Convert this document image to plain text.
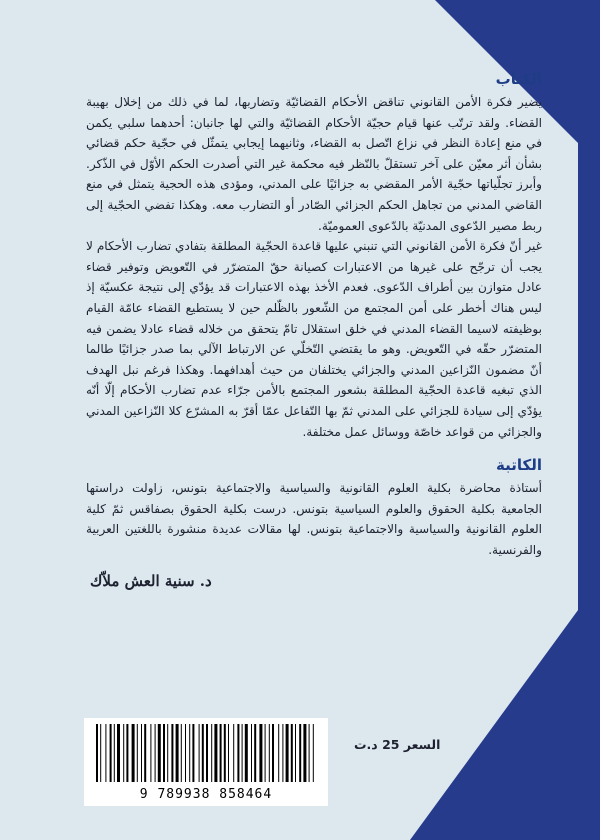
الكتاب

يضير فكرة الأمن القانوني تناقض الأحكام القضائيّة وتضاربها، لما في ذلك من إخلال بهيبة القضاء. ولقد ترتّب عنها قيام حجيّة الأحكام القضائيّة والتي لها جانبان: أحدهما سلبي يكمن في منع إعادة النظر في نزاع اتّصل به القضاء، وثانيهما إيجابي يتمثّل في حجّية حكم قضائي بشأن أثر معيّن على آخر تستقلّ بالنّظر فيه محكمة غير التي أصدرت الحكم الأوّل في الذّكر. وأبرز تجلّياتها حجّية الأمر المقضي به جزائيًا على المدني، ومؤدى هذه الحجية يتمثل في منع القاضي المدني من تجاهل الحكم الجزائي الصّادر أو التضارب معه. وهكذا تفضي الحجّية إلى ربط مصير الدّعوى المدنيّة بالدّعوى العموميّة.

غير أنّ فكرة الأمن القانوني التي تنبني عليها قاعدة الحجّية المطلقة بتفادي تضارب الأحكام لا يجب أن ترجّح على غيرها من الاعتبارات كصيانة حقّ المتضرّر في التّعويض وتوفير قضاء عادل متوازن بين أطراف الدّعوى. فعدم الأخذ بهذه الاعتبارات قد يؤدّي إلى نتيجة عكسيّة إذ ليس هناك أخطر على أمن المجتمع من الشّعور بالظّلم حين لا يستطيع القضاء عامّة القيام بوظيفته لاسيما القضاء المدني في خلق استقلال تامّ يتحقق من خلاله قضاء عادلا يضمن فيه المتضرّر حقّه في التّعويض. وهو ما يقتضي التّخلّي عن الارتباط الآلي بما صدر جزائيًا طالما أنّ مضمون النّزاعين المدني والجزائي يختلفان من حيث أهدافهما. وهكذا فرغم نبل الهدف الذي تبغيه قاعدة الحجّية المطلقة بشعور المجتمع بالأمن جرّاء عدم تضارب الأحكام إلّا أنّه يؤدّي إلى سيادة للجزائي على المدني ثمّ بها التّفاعل عمّا أقرّ به المشرّع كلا النّزاعين المدني والجزائي من قواعد خاصّة ووسائل عمل مختلفة.

الكاتبة

أستاذة محاضرة بكلية العلوم القانونية والسياسية والاجتماعية بتونس، زاولت دراستها الجامعية بكلية الحقوق والعلوم السياسية بتونس. درست بكلية الحقوق بصفاقس ثمّ كلية العلوم القانونية والسياسية والاجتماعية بتونس. لها مقالات عديدة منشورة باللغتين العربية والفرنسية.

د. سنية العش ملاّك

9 789938 858464
السعر 25 د.ت
